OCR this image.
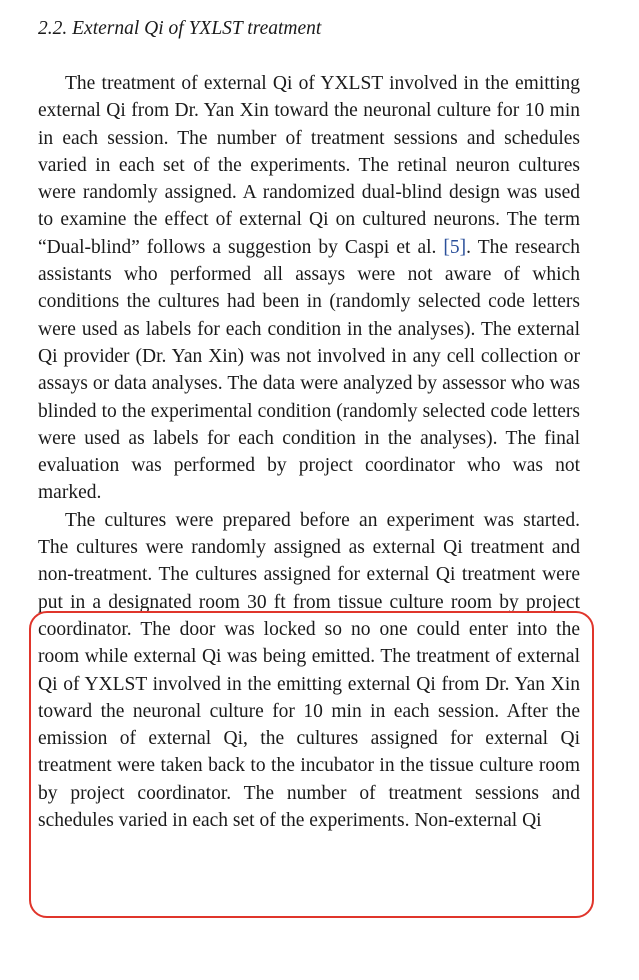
2.2. External Qi of YXLST treatment

The treatment of external Qi of YXLST involved in the emitting external Qi from Dr. Yan Xin toward the neuronal culture for 10 min in each session. The number of treatment sessions and schedules varied in each set of the experiments. The retinal neuron cultures were randomly assigned. A randomized dual-blind design was used to examine the effect of external Qi on cultured neurons. The term “Dual-blind” follows a suggestion by Caspi et al. [5]. The research assistants who performed all assays were not aware of which conditions the cultures had been in (randomly selected code letters were used as labels for each condition in the analyses). The external Qi provider (Dr. Yan Xin) was not involved in any cell collection or assays or data analyses. The data were analyzed by assessor who was blinded to the experimental condition (randomly selected code letters were used as labels for each condition in the analyses). The final evaluation was performed by project coordinator who was not marked.

The cultures were prepared before an experiment was started. The cultures were randomly assigned as external Qi treatment and non-treatment. The cultures assigned for external Qi treatment were put in a designated room 30 ft from tissue culture room by project coordinator. The door was locked so no one could enter into the room while external Qi was being emitted. The treatment of external Qi of YXLST involved in the emitting external Qi from Dr. Yan Xin toward the neuronal culture for 10 min in each session. After the emission of external Qi, the cultures assigned for external Qi treatment were taken back to the incubator in the tissue culture room by project coordinator. The number of treatment sessions and schedules varied in each set of the experiments. Non-external Qi
